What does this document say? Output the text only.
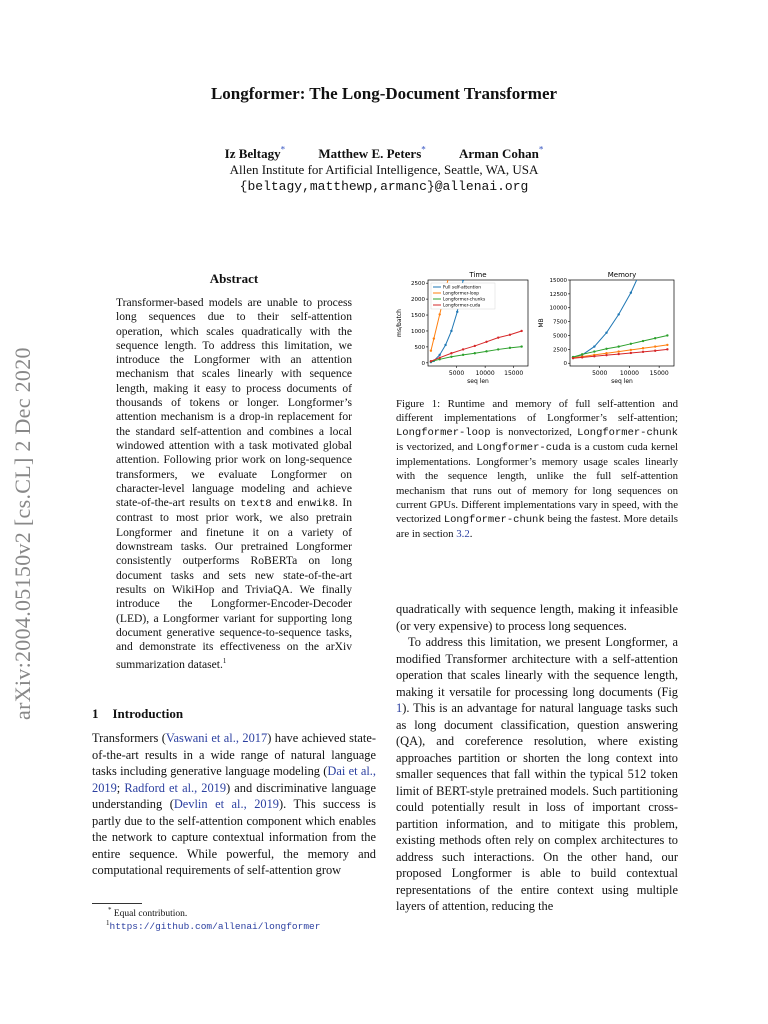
Longformer: The Long-Document Transformer
Iz Beltagy*	Matthew E. Peters*	Arman Cohan*
Allen Institute for Artificial Intelligence, Seattle, WA, USA
{beltagy,matthewp,armanc}@allenai.org
arXiv:2004.05150v2 [cs.CL] 2 Dec 2020
Abstract
Transformer-based models are unable to process long sequences due to their self-attention operation, which scales quadratically with the sequence length. To address this limitation, we introduce the Longformer with an attention mechanism that scales linearly with sequence length, making it easy to process documents of thousands of tokens or longer. Longformer’s attention mechanism is a drop-in replacement for the standard self-attention and combines a local windowed attention with a task motivated global attention. Following prior work on long-sequence transformers, we evaluate Longformer on character-level language modeling and achieve state-of-the-art results on text8 and enwik8. In contrast to most prior work, we also pretrain Longformer and finetune it on a variety of downstream tasks. Our pretrained Longformer consistently outperforms RoBERTa on long document tasks and sets new state-of-the-art results on WikiHop and TriviaQA. We finally introduce the Longformer-Encoder-Decoder (LED), a Longformer variant for supporting long document generative sequence-to-sequence tasks, and demonstrate its effectiveness on the arXiv summarization dataset.$^1$
1 Introduction
Transformers (Vaswani et al., 2017) have achieved state-of-the-art results in a wide range of natural language tasks including generative language modeling (Dai et al., 2019; Radford et al., 2019) and discriminative language understanding (Devlin et al., 2019). This success is partly due to the self-attention component which enables the network to capture contextual information from the entire sequence. While powerful, the memory and computational requirements of self-attention grow
* Equal contribution.
$^1$https://github.com/allenai/longformer
Time
5000 10000 15000
0
500
1000
1500
2000
2500
seq len
ms/batch
Full self-attention
Longformer-loop
Longformer-chunks
Longformer-cuda
Memory
5000 10000 15000
0
2500
5000
7500
10000
12500
15000
seq len
MB
Figure 1: Runtime and memory of full self-attention and different implementations of Longformer’s self-attention; Longformer-loop is nonvectorized, Longformer-chunk is vectorized, and Longformer-cuda is a custom cuda kernel implementations. Longformer’s memory usage scales linearly with the sequence length, unlike the full self-attention mechanism that runs out of memory for long sequences on current GPUs. Different implementations vary in speed, with the vectorized Longformer-chunk being the fastest. More details are in section 3.2.

quadratically with sequence length, making it infeasible (or very expensive) to process long sequences.

To address this limitation, we present Longformer, a modified Transformer architecture with a self-attention operation that scales linearly with the sequence length, making it versatile for processing long documents (Fig 1). This is an advantage for natural language tasks such as long document classification, question answering (QA), and coreference resolution, where existing approaches partition or shorten the long context into smaller sequences that fall within the typical 512 token limit of BERT-style pretrained models. Such partitioning could potentially result in loss of important cross-partition information, and to mitigate this problem, existing methods often rely on complex architectures to address such interactions. On the other hand, our proposed Longformer is able to build contextual representations of the entire context using multiple layers of attention, reducing the
